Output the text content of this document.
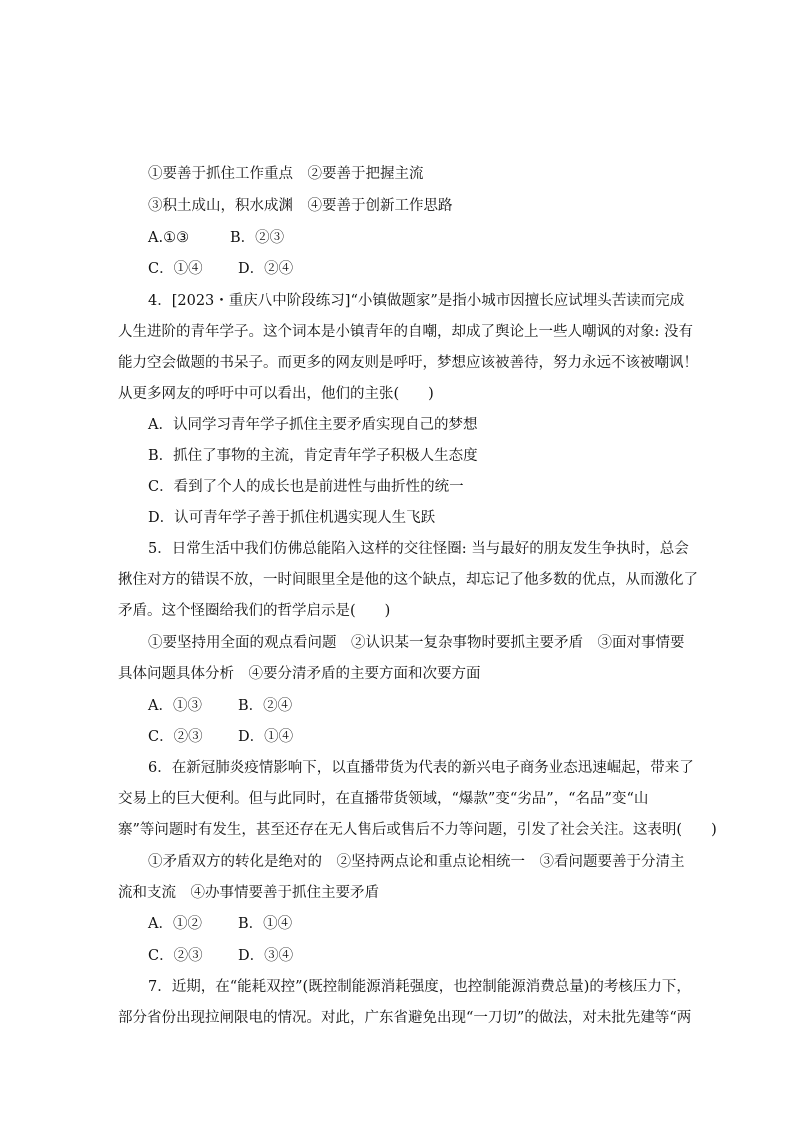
①要善于抓住工作重点　②要善于把握主流
③积土成山，积水成渊　④要善于创新工作思路
A.①③	B．②③
C．①④ D．②④
4．[2023・重庆八中阶段练习]“小镇做题家”是指小城市因擅长应试埋头苦读而完成
人生进阶的青年学子。这个词本是小镇青年的自嘲，却成了舆论上一些人嘲讽的对象: 没有
能力空会做题的书呆子。而更多的网友则是呼吁，梦想应该被善待，努力永远不该被嘲讽！
从更多网友的呼吁中可以看出，他们的主张(　　)
A．认同学习青年学子抓住主要矛盾实现自己的梦想
B．抓住了事物的主流，肯定青年学子积极人生态度
C．看到了个人的成长也是前进性与曲折性的统一
D．认可青年学子善于抓住机遇实现人生飞跃
5．日常生活中我们仿佛总能陷入这样的交往怪圈: 当与最好的朋友发生争执时，总会
揪住对方的错误不放，一时间眼里全是他的这个缺点，却忘记了他多数的优点，从而激化了
矛盾。这个怪圈给我们的哲学启示是(　　)
①要坚持用全面的观点看问题　②认识某一复杂事物时要抓主要矛盾　③面对事情要
具体问题具体分析　④要分清矛盾的主要方面和次要方面
A．①③ B．②④
C．②③ D．①④
6．在新冠肺炎疫情影响下，以直播带货为代表的新兴电子商务业态迅速崛起，带来了
交易上的巨大便利。但与此同时，在直播带货领域，“爆款”变“劣品”，“名品”变“山
寨”等问题时有发生，甚至还存在无人售后或售后不力等问题，引发了社会关注。这表明(　　)
①矛盾双方的转化是绝对的　②坚持两点论和重点论相统一　③看问题要善于分清主
流和支流　④办事情要善于抓住主要矛盾
A．①② B．①④
C．②③ D．③④
7．近期，在“能耗双控”(既控制能源消耗强度，也控制能源消费总量)的考核压力下，
部分省份出现拉闸限电的情况。对此，广东省避免出现“一刀切”的做法，对未批先建等“两
